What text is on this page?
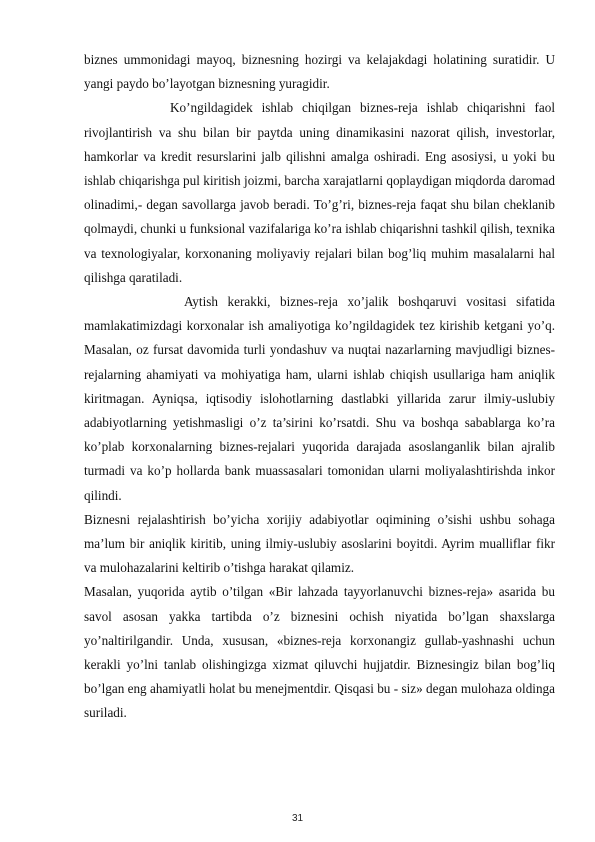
biznes ummonidagi mayoq, biznesning hozirgi va kelajakdagi holatining suratidir. U yangi paydo bo’layotgan biznesning yuragidir.

Ko’ngildagidek ishlab chiqilgan biznes-reja ishlab chiqarishni faol rivojlantirish va shu bilan bir paytda uning dinamikasini nazorat qilish, investorlar, hamkorlar va kredit resurslarini jalb qilishni amalga oshiradi. Eng asosiysi, u yoki bu ishlab chiqarishga pul kiritish joizmi, barcha xarajatlarni qoplaydigan miqdorda daromad olinadimi,- degan savollarga javob beradi. To’g’ri, biznes-reja faqat shu bilan cheklanib qolmaydi, chunki u funksional vazifalariga ko’ra ishlab chiqarishni tashkil qilish, texnika va texnologiyalar, korxonaning moliyaviy rejalari bilan bog’liq muhim masalalarni hal qilishga qaratiladi.

Aytish kerakki, biznes-reja xo’jalik boshqaruvi vositasi sifatida mamlakatimizdagi korxonalar ish amaliyotiga ko’ngildagidek tez kirishib ketgani yo’q. Masalan, oz fursat davomida turli yondashuv va nuqtai nazarlarning mavjudligi biznes-rejalarning ahamiyati va mohiyatiga ham, ularni ishlab chiqish usullariga ham aniqlik kiritmagan. Ayniqsa, iqtisodiy islohotlarning dastlabki yillarida zarur ilmiy-uslubiy adabiyotlarning yetishmasligi o’z ta’sirini ko’rsatdi. Shu va boshqa sabablarga ko’ra ko’plab korxonalarning biznes-rejalari yuqorida darajada asoslanganlik bilan ajralib turmadi va ko’p hollarda bank muassasalari tomonidan ularni moliyalashtirishda inkor qilindi.

Biznesni rejalashtirish bo’yicha xorijiy adabiyotlar oqimining o’sishi ushbu sohaga ma’lum bir aniqlik kiritib, uning ilmiy-uslubiy asoslarini boyitdi. Ayrim mualliflar fikr va mulohazalarini keltirib o’tishga harakat qilamiz.

Masalan, yuqorida aytib o’tilgan «Bir lahzada tayyorlanuvchi biznes-reja» asarida bu savol asosan yakka tartibda o’z biznesini ochish niyatida bo’lgan shaxslarga yo’naltirilgandir. Unda, xususan, «biznes-reja korxonangiz gullab-yashnashi uchun kerakli yo’lni tanlab olishingizga xizmat qiluvchi hujjatdir. Biznesingiz bilan bog’liq bo’lgan eng ahamiyatli holat bu menejmentdir. Qisqasi bu - siz» degan mulohaza oldinga suriladi.

31
